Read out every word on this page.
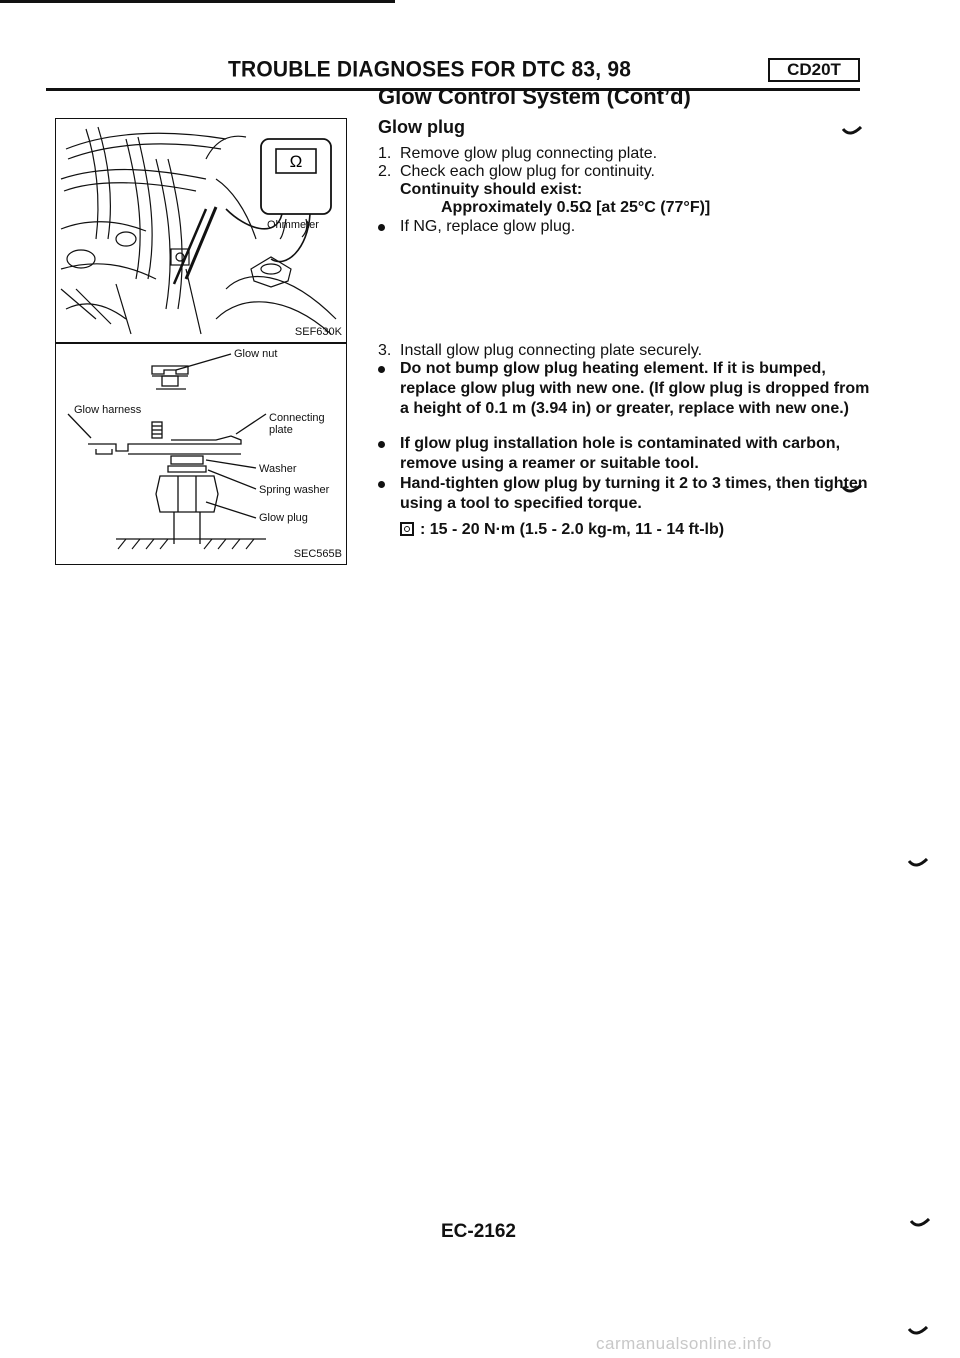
TROUBLE DIAGNOSES FOR DTC 83, 98	CD20T
Glow Control System (Cont’d)
Glow plug
1. Remove glow plug connecting plate.
2. Check each glow plug for continuity.
Continuity should exist:
Approximately 0.5Ω [at 25°C (77°F)]
If NG, replace glow plug.
3. Install glow plug connecting plate securely.
Do not bump glow plug heating element. If it is bumped, replace glow plug with new one. (If glow plug is dropped from a height of 0.1 m (3.94 in) or greater, replace with new one.)
If glow plug installation hole is contaminated with carbon, remove using a reamer or suitable tool.
Hand-tighten glow plug by turning it 2 to 3 times, then tighten using a tool to specified torque.
: 15 - 20 N·m (1.5 - 2.0 kg-m, 11 - 14 ft-lb)
Ω
Ohmmeter
SEF630K
Glow nut
Glow harness
Connecting
plate
Washer
Spring washer
Glow plug
SEC565B
EC-2162
carmanualsonline.info
